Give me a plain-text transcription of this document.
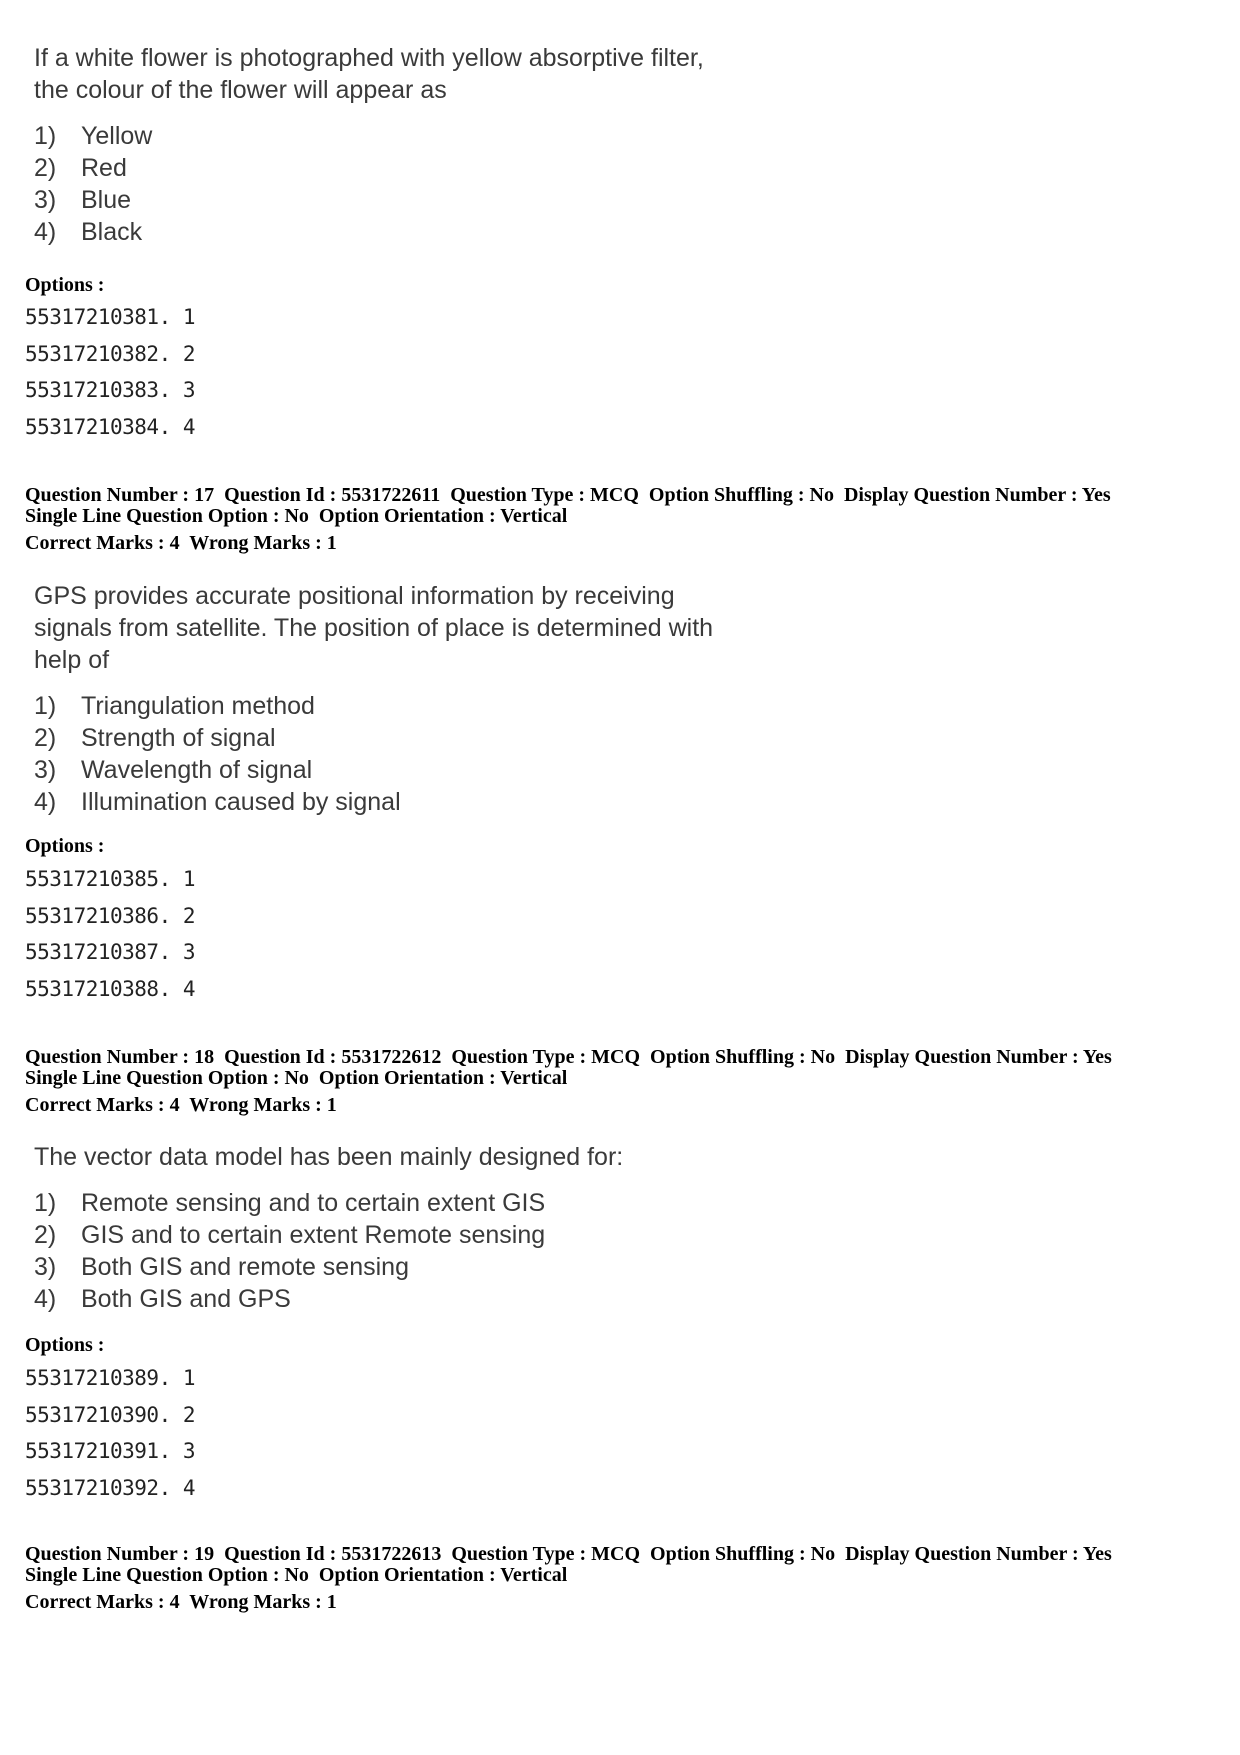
If a white flower is photographed with yellow absorptive filter, the colour of the flower will appear as

1) Yellow
2) Red
3) Blue
4) Black
Options :
55317210381. 1
55317210382. 2
55317210383. 3
55317210384. 4
Question Number : 17  Question Id : 5531722611  Question Type : MCQ  Option Shuffling : No  Display Question Number : Yes
Single Line Question Option : No  Option Orientation : Vertical
Correct Marks : 4  Wrong Marks : 1

GPS provides accurate positional information by receiving signals from satellite. The position of place is determined with help of

1) Triangulation method
2) Strength of signal
3) Wavelength of signal
4) Illumination caused by signal
Options :
55317210385. 1
55317210386. 2
55317210387. 3
55317210388. 4
Question Number : 18  Question Id : 5531722612  Question Type : MCQ  Option Shuffling : No  Display Question Number : Yes
Single Line Question Option : No  Option Orientation : Vertical
Correct Marks : 4  Wrong Marks : 1

The vector data model has been mainly designed for:

1) Remote sensing and to certain extent GIS
2) GIS and to certain extent Remote sensing
3) Both GIS and remote sensing
4) Both GIS and GPS
Options :
55317210389. 1
55317210390. 2
55317210391. 3
55317210392. 4
Question Number : 19  Question Id : 5531722613  Question Type : MCQ  Option Shuffling : No  Display Question Number : Yes
Single Line Question Option : No  Option Orientation : Vertical
Correct Marks : 4  Wrong Marks : 1
